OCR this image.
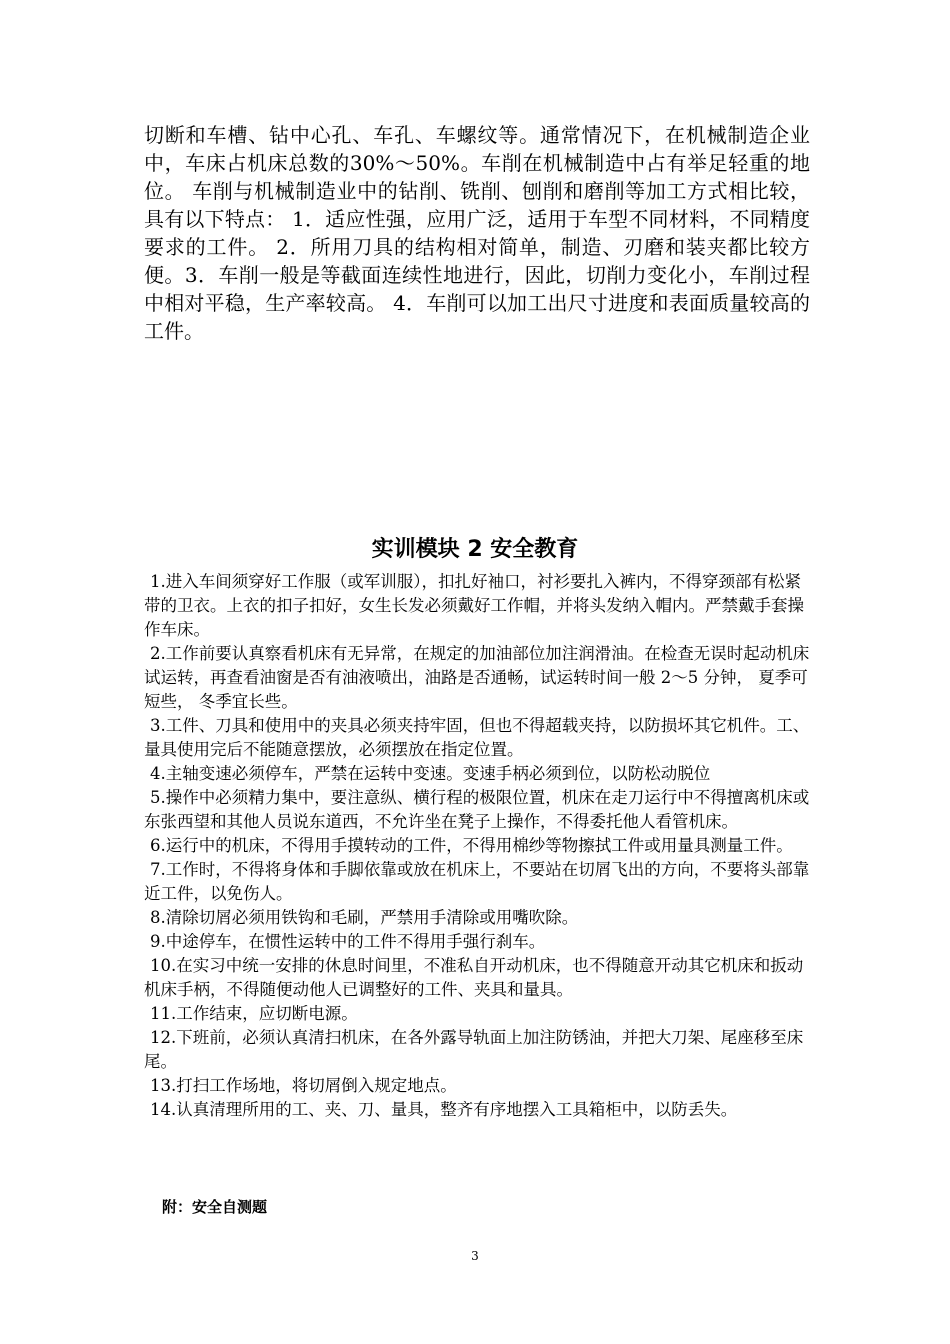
切断和车槽、钻中心孔、车孔、车螺纹等。通常情况下，在机械制造企业中，车床占机床总数的30%～50%。车削在机械制造中占有举足轻重的地位。 车削与机械制造业中的钻削、铣削、刨削和磨削等加工方式相比较，具有以下特点： 1．适应性强，应用广泛，适用于车型不同材料，不同精度要求的工件。 2．所用刀具的结构相对简单，制造、刃磨和装夹都比较方便。3．车削一般是等截面连续性地进行，因此，切削力变化小，车削过程中相对平稳，生产率较高。 4．车削可以加工出尺寸进度和表面质量较高的工件。

实训模块 2 安全教育
1.进入车间须穿好工作服（或军训服），扣扎好袖口，衬衫要扎入裤内，不得穿颈部有松紧带的卫衣。上衣的扣子扣好，女生长发必须戴好工作帽，并将头发纳入帽内。严禁戴手套操作车床。
2.工作前要认真察看机床有无异常，在规定的加油部位加注润滑油。在检查无误时起动机床试运转，再查看油窗是否有油液喷出，油路是否通畅，试运转时间一般 2～5 分钟， 夏季可短些， 冬季宜长些。
3.工件、刀具和使用中的夹具必须夹持牢固，但也不得超载夹持，以防损坏其它机件。工、量具使用完后不能随意摆放，必须摆放在指定位置。
4.主轴变速必须停车，严禁在运转中变速。变速手柄必须到位，以防松动脱位
5.操作中必须精力集中，要注意纵、横行程的极限位置，机床在走刀运行中不得擅离机床或东张西望和其他人员说东道西，不允许坐在凳子上操作，不得委托他人看管机床。
6.运行中的机床，不得用手摸转动的工件，不得用棉纱等物擦拭工件或用量具测量工件。
7.工作时，不得将身体和手脚依靠或放在机床上，不要站在切屑飞出的方向，不要将头部靠近工件，以免伤人。
8.清除切屑必须用铁钩和毛刷，严禁用手清除或用嘴吹除。
9.中途停车，在惯性运转中的工件不得用手强行刹车。
10.在实习中统一安排的休息时间里，不准私自开动机床，也不得随意开动其它机床和扳动机床手柄，不得随便动他人已调整好的工件、夹具和量具。
11.工作结束，应切断电源。
12.下班前，必须认真清扫机床，在各外露导轨面上加注防锈油，并把大刀架、尾座移至床尾。
13.打扫工作场地，将切屑倒入规定地点。
14.认真清理所用的工、夹、刀、量具，整齐有序地摆入工具箱柜中，以防丢失。

附：安全自测题

3
